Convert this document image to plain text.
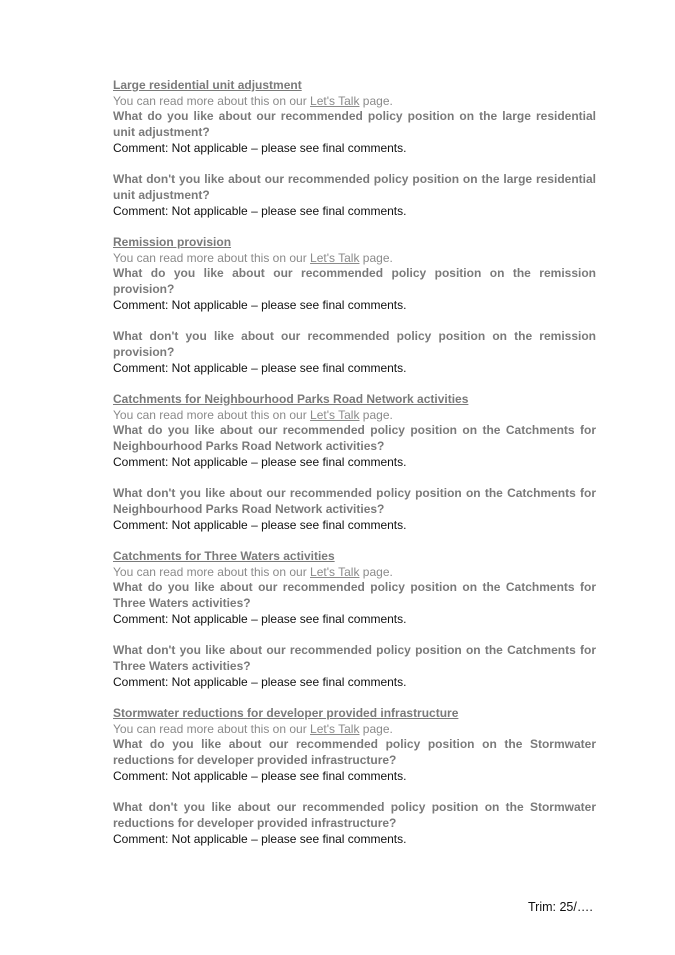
Large residential unit adjustment
You can read more about this on our Let's Talk page.
What do you like about our recommended policy position on the large residential unit adjustment?
Comment: Not applicable – please see final comments.
What don't you like about our recommended policy position on the large residential unit adjustment?
Comment: Not applicable – please see final comments.
Remission provision
You can read more about this on our Let's Talk page.
What do you like about our recommended policy position on the remission provision?
Comment: Not applicable – please see final comments.
What don't you like about our recommended policy position on the remission provision?
Comment: Not applicable – please see final comments.
Catchments for Neighbourhood Parks Road Network activities
You can read more about this on our Let's Talk page.
What do you like about our recommended policy position on the Catchments for Neighbourhood Parks Road Network activities?
Comment: Not applicable – please see final comments.
What don't you like about our recommended policy position on the Catchments for Neighbourhood Parks Road Network activities?
Comment: Not applicable – please see final comments.
Catchments for Three Waters activities
You can read more about this on our Let's Talk page.
What do you like about our recommended policy position on the Catchments for Three Waters activities?
Comment: Not applicable – please see final comments.
What don't you like about our recommended policy position on the Catchments for Three Waters activities?
Comment: Not applicable – please see final comments.
Stormwater reductions for developer provided infrastructure
You can read more about this on our Let's Talk page.
What do you like about our recommended policy position on the Stormwater reductions for developer provided infrastructure?
Comment: Not applicable – please see final comments.
What don't you like about our recommended policy position on the Stormwater reductions for developer provided infrastructure?
Comment: Not applicable – please see final comments.
Trim: 25/….
